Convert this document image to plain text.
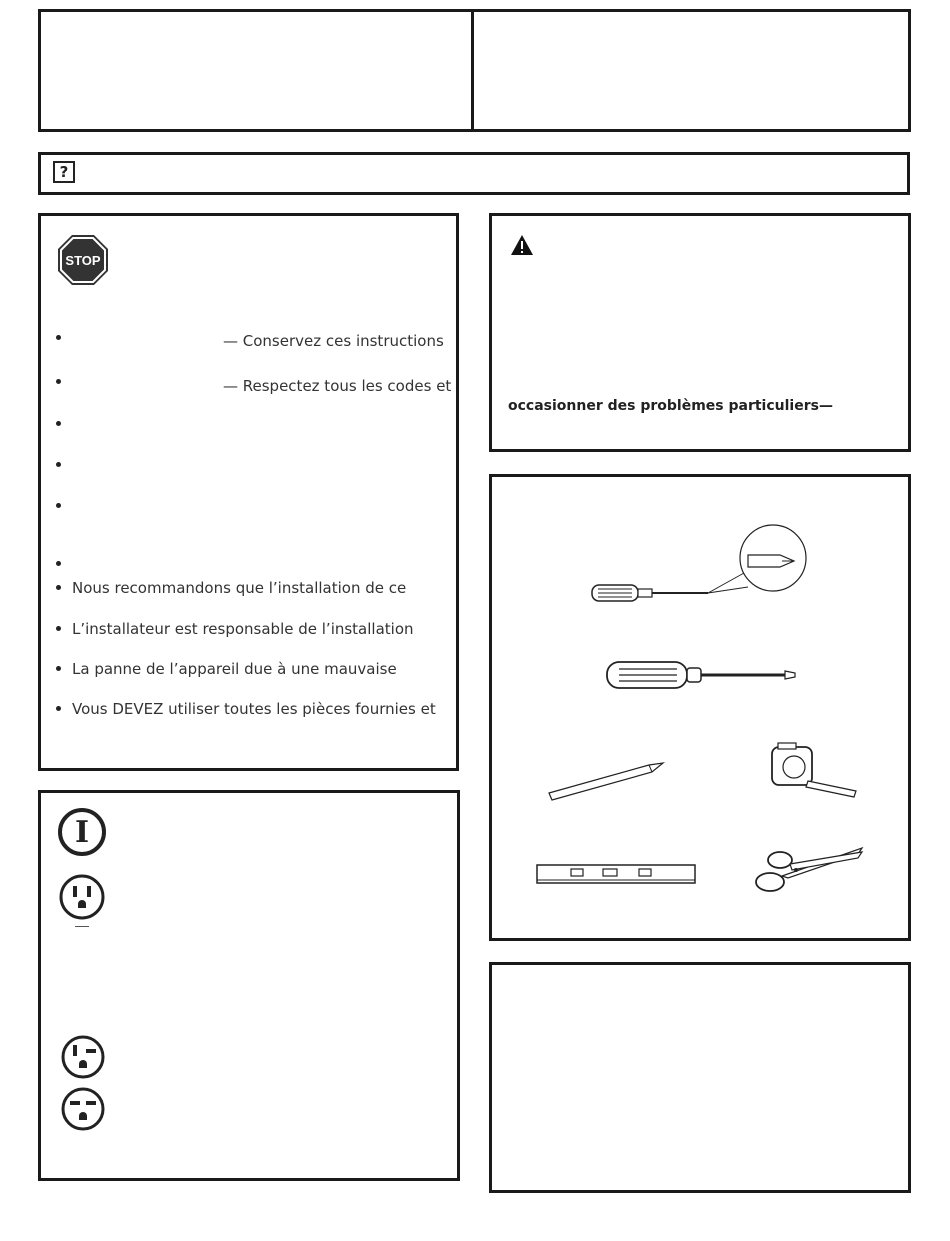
?
STOP
— Conservez ces instructions
— Respectez tous les codes et
Nous recommandons que l’installation de ce
L’installateur est responsable de l’installation
La panne de l’appareil due à une mauvaise
Vous DEVEZ utiliser toutes les pièces fournies et
occasionner des problèmes particuliers—
I
